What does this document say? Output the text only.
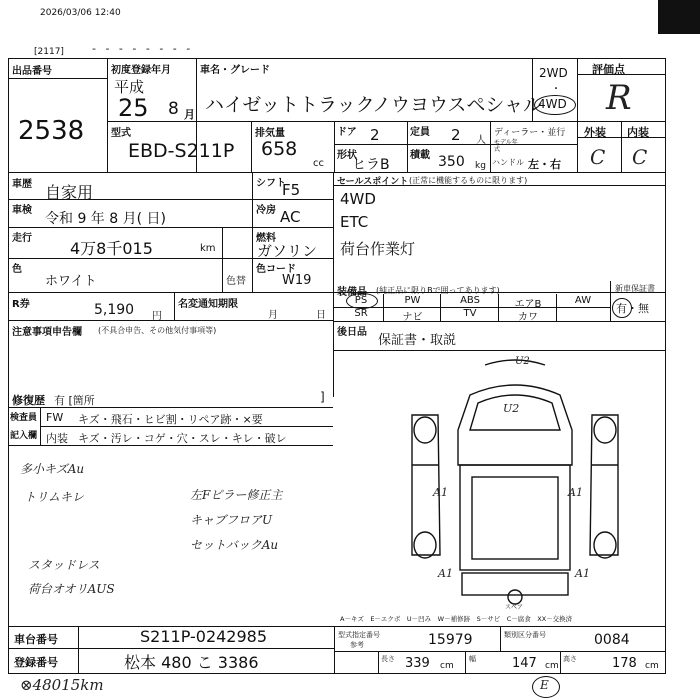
2026/03/06 12:40
[2117]	- - - - - - - -
出品番号
2538
初度登録年月
平成
25 8 月
車名・グレード
ハイゼットトラック
ノウヨウスペシャル
2WD
・
4WD
評価点
R
外装 内装
C C
型式
EBD-S211P
排気量
658
cc
ドア 2	定員 2 人
ディーラー・並行
モデル年式
ハンドル 左・右
形状
ヒラB
積載 350 kg
車歴 自家用	シフト
F5
車検
令和 9 年 8 月( 日)
冷房 AC
走行
4万8千015	km
燃料
ガソリン
色
ホワイト	色替
色コード
W19
R券	5,190 円
名変通知期限
月	日
注意事項申告欄 (不具合申告、その他気付事項等)
修復歴 有 [箇所	]
セールスポイント (正常に機能するものに限ります)
4WD
ETC
荷台作業灯
装備品 (純正品に限りBで囲ってあります)	新車保証書
PS	PW	ABS	エアB	AW
SR	ナビ	TV	カワ
有・無
後日品
保証書・取説
検査員
記入欄
FW キズ・飛石・ヒビ割・リペア跡・×要
内装 キズ・汚レ・コゲ・穴・スレ・キレ・破レ
多小キズAu
トリムキレ	左Fピラー修正主
キャブフロアU
セットバックAu
スタッドレス
荷台オオリAUS
U2
U2
A1	A1
A1	A1
スペア
A－キズ　E－エクボ　U－凹み　W－補修跡　S－サビ　C－腐食　XX－交換済
車台番号	S211P-0242985
登録番号	松本 480 こ 3386
型式指定番号
参考	15979	類別区分番号	0084
長さ 339 cm
幅	147 cm
高さ	178 cm
⊗48015km	E
